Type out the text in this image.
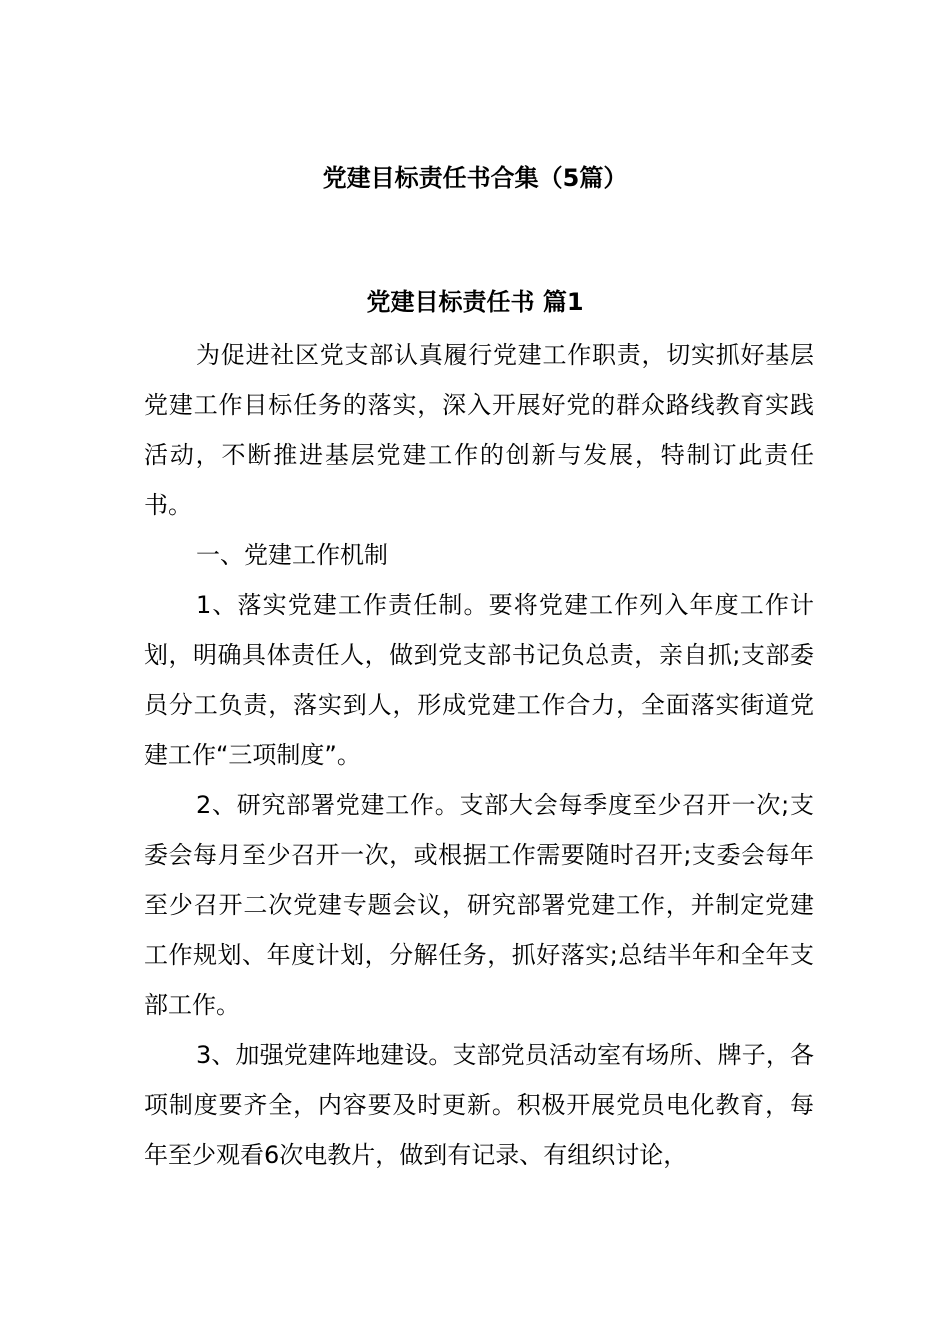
党建目标责任书合集（5篇）
党建目标责任书 篇1

为促进社区党支部认真履行党建工作职责，切实抓好基层党建工作目标任务的落实，深入开展好党的群众路线教育实践活动，不断推进基层党建工作的创新与发展，特制订此责任书。

一、党建工作机制

1、落实党建工作责任制。要将党建工作列入年度工作计划，明确具体责任人，做到党支部书记负总责，亲自抓;支部委员分工负责，落实到人，形成党建工作合力，全面落实街道党建工作“三项制度”。

2、研究部署党建工作。支部大会每季度至少召开一次;支委会每月至少召开一次，或根据工作需要随时召开;支委会每年至少召开二次党建专题会议，研究部署党建工作，并制定党建工作规划、年度计划，分解任务，抓好落实;总结半年和全年支部工作。

3、加强党建阵地建设。支部党员活动室有场所、牌子，各项制度要齐全，内容要及时更新。积极开展党员电化教育，每年至少观看6次电教片，做到有记录、有组织讨论，
